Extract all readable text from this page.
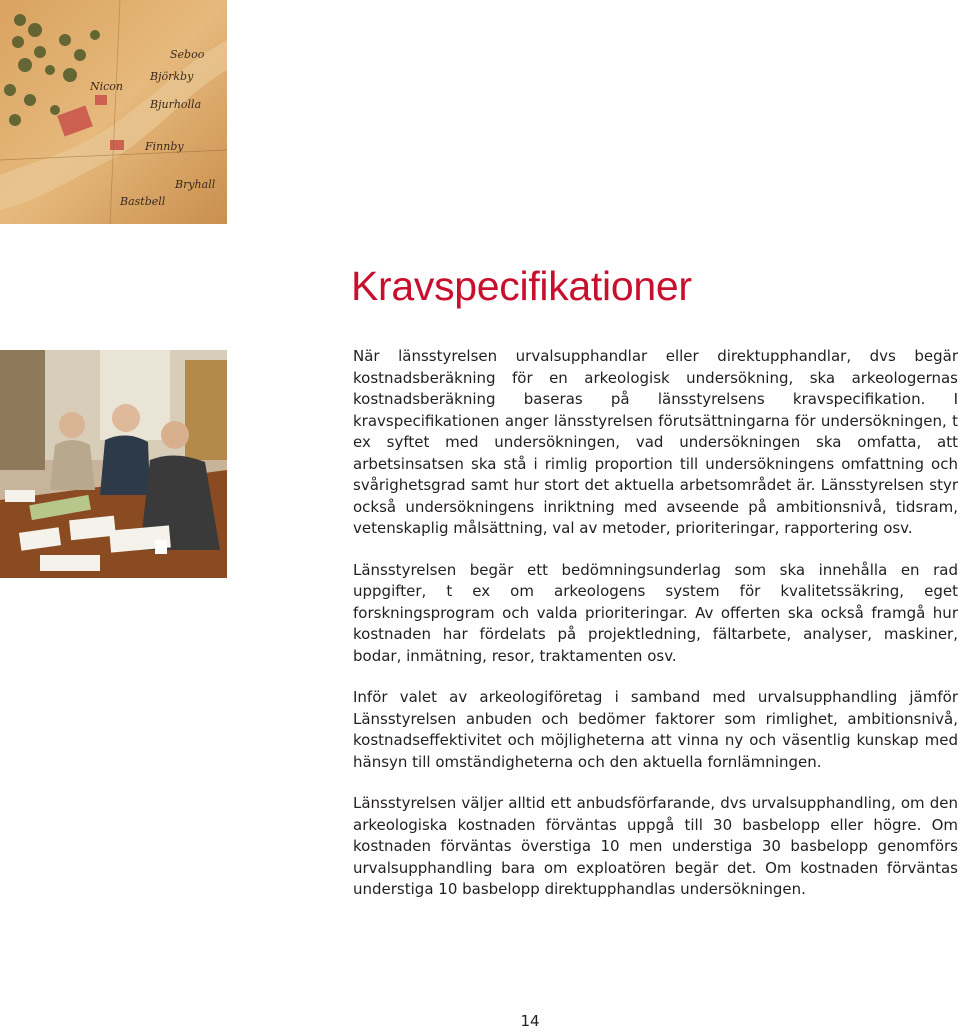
Seboo
Björkby
Bjurholla
Nicon
Bryhall
Bastbell
Finnby
Kravspecifikationer

När länsstyrelsen urvalsupphandlar eller direktupphandlar, dvs begär kostnadsberäkning för en arkeologisk undersökning, ska arkeologernas kostnadsberäkning baseras på länsstyrelsens kravspecifikation. I kravspecifikationen anger länsstyrelsen förutsättningarna för undersökningen, t ex syftet med undersökningen, vad undersökningen ska omfatta, att arbetsinsatsen ska stå i rimlig proportion till undersökningens omfattning och svårighetsgrad samt hur stort det aktuella arbetsområdet är. Länsstyrelsen styr också undersökningens inriktning med avseende på ambitionsnivå, tidsram, vetenskaplig målsättning, val av metoder, prioriteringar, rapportering osv.

Länsstyrelsen begär ett bedömningsunderlag som ska innehålla en rad uppgifter, t ex om arkeologens system för kvalitetssäkring, eget forskningsprogram och valda prioriteringar. Av offerten ska också framgå hur kostnaden har fördelats på projektledning, fältarbete, analyser, maskiner, bodar, inmätning, resor, traktamenten osv.

Inför valet av arkeologiföretag i samband med urvalsupphandling jämför Länsstyrelsen anbuden och bedömer faktorer som rimlighet, ambitionsnivå, kostnadseffektivitet och möjligheterna att vinna ny och väsentlig kunskap med hänsyn till omständigheterna och den aktuella fornlämningen.

Länsstyrelsen väljer alltid ett anbudsförfarande, dvs urvalsupphandling, om den arkeologiska kostnaden förväntas uppgå till 30 basbelopp eller högre. Om kostnaden förväntas överstiga 10 men understiga 30 basbelopp genomförs urvalsupphandling bara om exploatören begär det. Om kostnaden förväntas understiga 10 basbelopp direktupphandlas undersökningen.

14
